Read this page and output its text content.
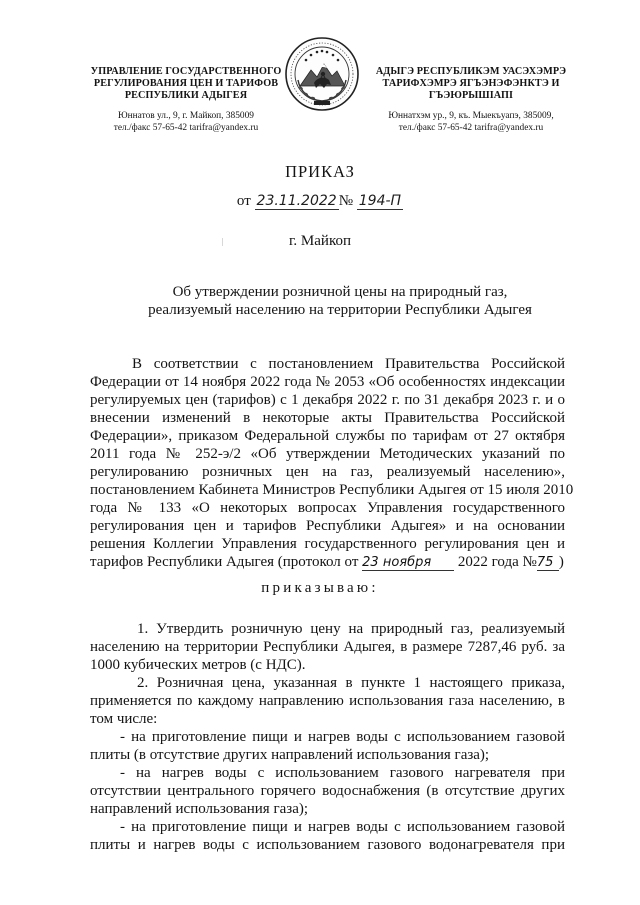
УПРАВЛЕНИЕ ГОСУДАРСТВЕННОГО
РЕГУЛИРОВАНИЯ ЦЕН И ТАРИФОВ
РЕСПУБЛИКИ АДЫГЕЯ
Юннатов ул., 9, г. Майкоп, 385009
тел./факс 57-65-42 tarifra@yandex.ru
АДЫГЭ РЕСПУБЛИКЭМ УАСЭХЭМРЭ
ТАРИФХЭМРЭ ЯГЪЭНЭФЭНКТЭ И
ГЪЭЮРЫШIАПI
Юннатхэм ур., 9, къ. Мыекъуапэ, 385009,
тел./факс 57-65-42 tarifra@yandex.ru
ПРИКАЗ
от 23.11.2022 № 194-П
г. Майкоп
Об утверждении розничной цены на природный газ,
реализуемый населению на территории Республики Адыгея
В соответствии с постановлением Правительства Российской
Федерации от 14 ноября 2022 года № 2053 «Об особенностях индексации
регулируемых цен (тарифов) с 1 декабря 2022 г. по 31 декабря 2023 г. и о
внесении изменений в некоторые акты Правительства Российской
Федерации», приказом Федеральной службы по тарифам от 27 октября
2011 года № 252-э/2 «Об утверждении Методических указаний по
регулированию розничных цен на газ, реализуемый населению»,
постановлением Кабинета Министров Республики Адыгея от 15 июля 2010
года № 133 «О некоторых вопросах Управления государственного
регулирования цен и тарифов Республики Адыгея» и на основании
решения Коллегии Управления государственного регулирования цен и
тарифов Республики Адыгея (протокол от 23 ноября 2022 года №75 )
приказываю:
1. Утвердить розничную цену на природный газ, реализуемый
населению на территории Республики Адыгея, в размере 7287,46 руб. за
1000 кубических метров (с НДС).
2. Розничная цена, указанная в пункте 1 настоящего приказа,
применяется по каждому направлению использования газа населению, в
том числе:
- на приготовление пищи и нагрев воды с использованием газовой
плиты (в отсутствие других направлений использования газа);
- на нагрев воды с использованием газового нагревателя при
отсутствии центрального горячего водоснабжения (в отсутствие других
направлений использования газа);
- на приготовление пищи и нагрев воды с использованием газовой
плиты и нагрев воды с использованием газового водонагревателя при
